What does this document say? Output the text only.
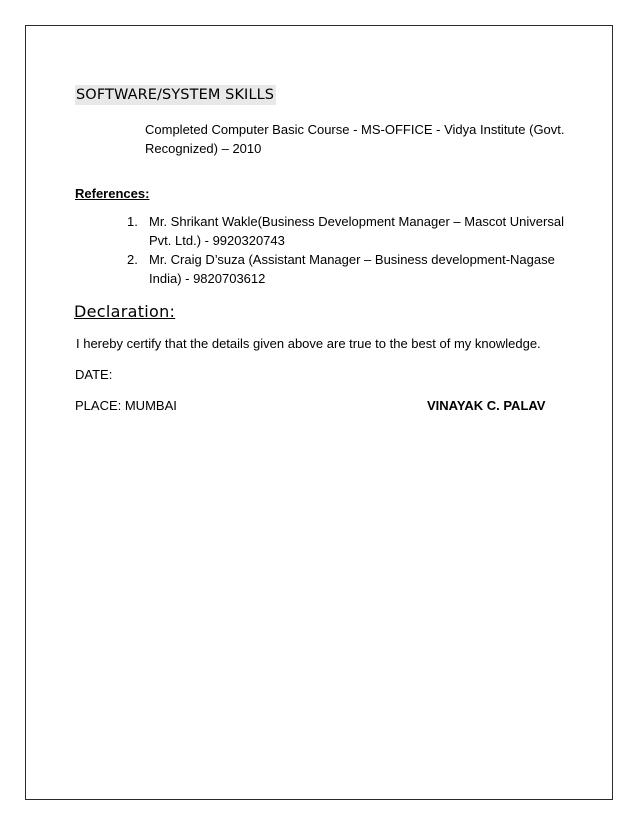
SOFTWARE/SYSTEM SKILLS
Completed Computer Basic Course - MS-OFFICE - Vidya Institute (Govt. Recognized) – 2010
References:
1. Mr. Shrikant Wakle(Business Development Manager – Mascot Universal Pvt. Ltd.) - 9920320743
2. Mr. Craig D’suza (Assistant Manager – Business development-Nagase India) - 9820703612
Declaration:
I hereby certify that the details given above are true to the best of my knowledge.
DATE:
PLACE: MUMBAI	VINAYAK C. PALAV
